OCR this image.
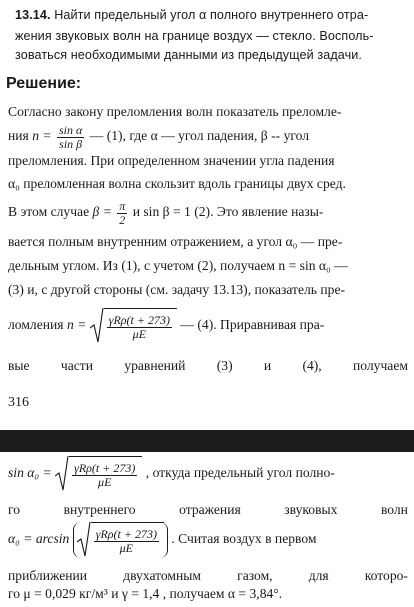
13.14. Найти предельный угол α полного внутреннего отра-
жения звуковых волн на границе воздух — стекло. Восполь-
зоваться необходимыми данными из предыдущей задачи.
Решение:
Согласно закону преломления волн показатель преломле-
ния $n = \frac{\text{sin α}}{\text{sin β}}$ — (1), где α — угол падения, β -- угол
преломления. При определенном значении угла падения
α₀ преломленная волна скользит вдоль границы двух сред.
В этом случае $\beta = \frac{\pi}{2}$ и sin β = 1 (2). Это явление назы-
вается полным внутренним отражением, а угол α₀ — пре-
дельным углом. Из (1), с учетом (2), получаем n = sin α₀ —
(3) и, с другой стороны (см. задачу 13.13), показатель пре-
ломления $n = \frac{\text{γRρ(t + 273)}}{\mu E}$ — (4). Приравнивая пра-
вые части уравнений (3) и (4), получаем
316
$\sin \alpha_0 = \frac{\text{γRρ(t + 273)}}{\mu E}$ , откуда предельный угол полно-
го	внутреннего	отражения	звуковых	волн
$\alpha_0 = \arcsin \frac{\text{γRρ(t + 273)}}{\mu E}$ . Считая воздух в первом
приближении	двухатомным	газом,	для	которо-
го μ = 0,029 кг/м³ и γ = 1,4 , получаем α = 3,84°.
